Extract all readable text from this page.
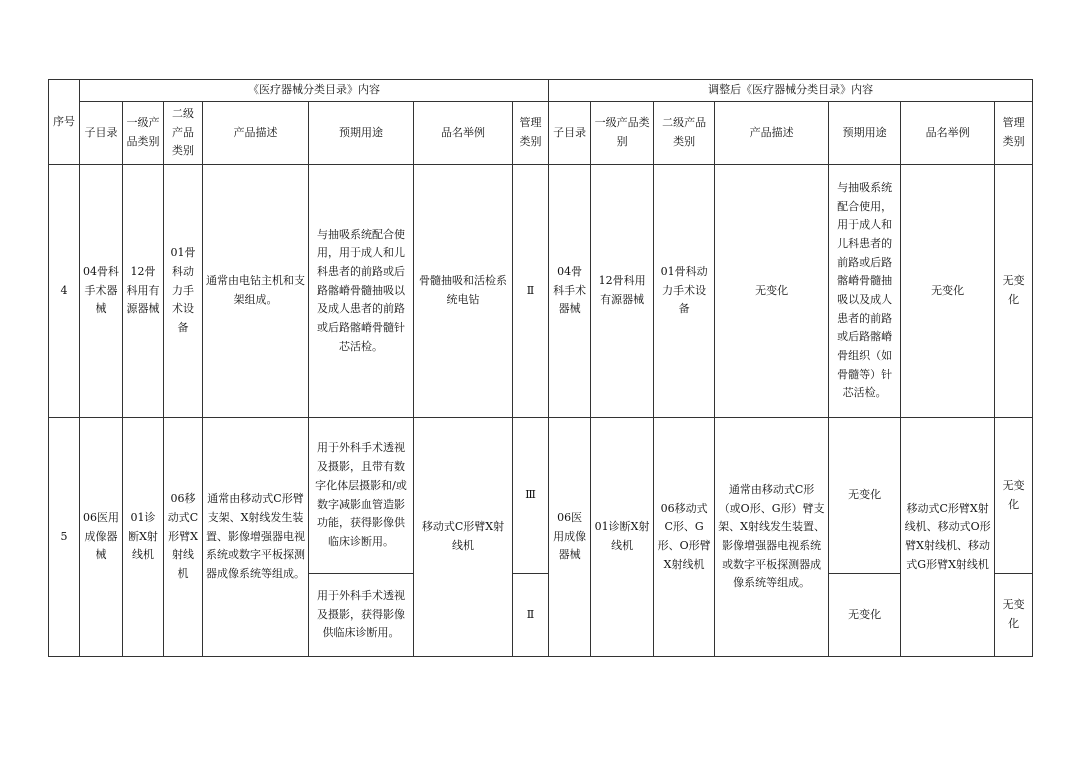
序号	《医疗器械分类目录》内容							调整后《医疗器械分类目录》内容						
	子目录	一级产品类别	二级产品类别	产品描述	预期用途	品名举例	管理类别	子目录	一级产品类别	二级产品类别	产品描述	预期用途	品名举例	管理类别
4	04骨科手术器械	12骨科用有源器械	01骨科动力手术设备	通常由电钻主机和支架组成。	与抽吸系统配合使用，用于成人和儿科患者的前路或后路髂嵴骨髓抽吸以及成人患者的前路或后路髂嵴骨髓针芯活检。	骨髓抽吸和活检系统电钻	Ⅱ	04骨科手术器械	12骨科用有源器械	01骨科动力手术设备	无变化	与抽吸系统配合使用，用于成人和儿科患者的前路或后路髂嵴骨髓抽吸以及成人患者的前路或后路髂嵴骨组织（如骨髓等）针芯活检。	无变化	无变化
5	06医用成像器械	01诊断X射线机	06移动式C形臂X射线机	通常由移动式C形臂支架、X射线发生装置、影像增强器电视系统或数字平板探测器成像系统等组成。	用于外科手术透视及摄影，且带有数字化体层摄影和/或数字减影血管造影功能，获得影像供临床诊断用。	移动式C形臂X射线机	Ⅲ	06医用成像器械	01诊断X射线机	06移动式C形、G形、O形臂X射线机	通常由移动式C形（或O形、G形）臂支架、X射线发生装置、影像增强器电视系统或数字平板探测器成像系统等组成。	无变化	移动式C形臂X射线机、移动式O形臂X射线机、移动式G形臂X射线机	无变化
					用于外科手术透视及摄影，获得影像供临床诊断用。		Ⅱ					无变化		无变化
